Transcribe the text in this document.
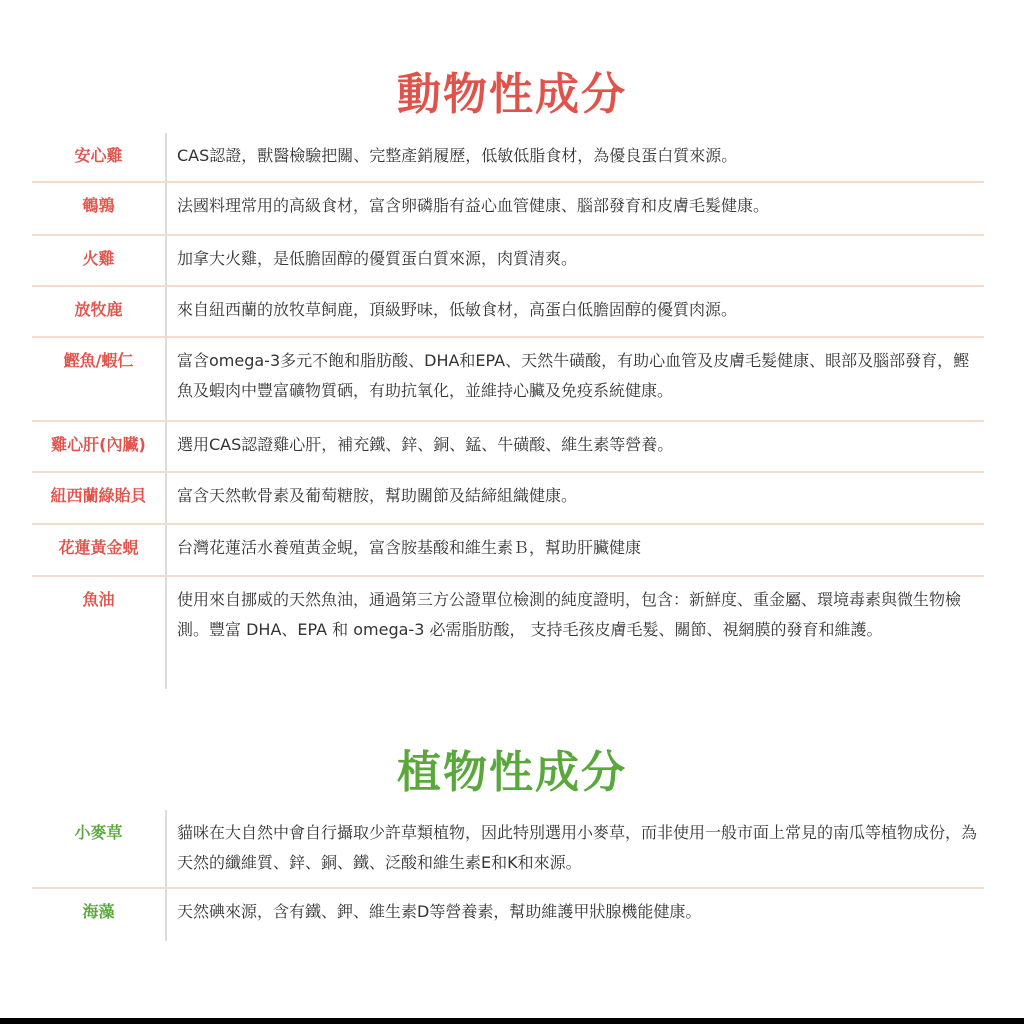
動物性成分
安心雞	CAS認證，獸醫檢驗把關、完整產銷履歷，低敏低脂食材，為優良蛋白質來源。
鵪鶉	法國料理常用的高級食材，富含卵磷脂有益心血管健康、腦部發育和皮膚毛髮健康。
火雞	加拿大火雞，是低膽固醇的優質蛋白質來源，肉質清爽。
放牧鹿	來自紐西蘭的放牧草飼鹿，頂級野味，低敏食材，高蛋白低膽固醇的優質肉源。
鰹魚/蝦仁	富含omega-3多元不飽和脂肪酸、DHA和EPA、天然牛磺酸，有助心血管及皮膚毛髮健康、眼部及腦部發育，鰹魚及蝦肉中豐富礦物質硒，有助抗氧化，並維持心臟及免疫系統健康。
雞心肝(內臟)	選用CAS認證雞心肝，補充鐵、鋅、銅、錳、牛磺酸、維生素等營養。
紐西蘭綠貽貝	富含天然軟骨素及葡萄糖胺，幫助關節及結締組織健康。
花蓮黃金蜆	台灣花蓮活水養殖黃金蜆，富含胺基酸和維生素Ｂ，幫助肝臟健康
魚油	使用來自挪威的天然魚油，通過第三方公證單位檢測的純度證明，包含：新鮮度、重金屬、環境毒素與微生物檢測。豐富 DHA、EPA 和 omega-3 必需脂肪酸， 支持毛孩皮膚毛髮、關節、視網膜的發育和維護。
植物性成分
小麥草	貓咪在大自然中會自行攝取少許草類植物，因此特別選用小麥草，而非使用一般市面上常見的南瓜等植物成份，為天然的纖維質、鋅、銅、鐵、泛酸和維生素E和K和來源。
海藻	天然碘來源，含有鐵、鉀、維生素D等營養素，幫助維護甲狀腺機能健康。
